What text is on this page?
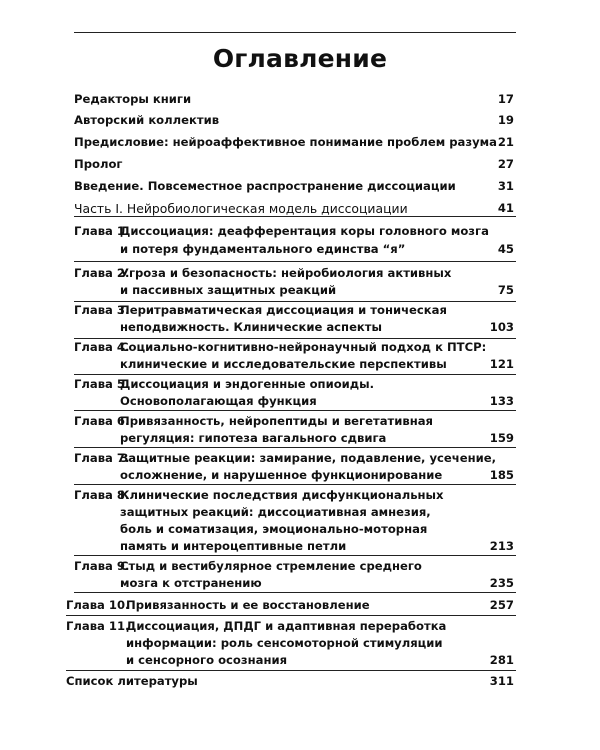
Оглавление
Редакторы книги	17
Авторский коллектив	19
Предисловие: нейроаффективное понимание проблем разума 21
Пролог	27
Введение. Повсеместное распространение диссоциации	31
Часть I. Нейробиологическая модель диссоциации	41
Глава 1.
Диссоциация: деафферентация коры головного мозга
и потеря фундаментального единства “я”	45
Глава 2.
Угроза и безопасность: нейробиология активных
и пассивных защитных реакций	75
Глава 3.
Перитравматическая диссоциация и тоническая
неподвижность. Клинические аспекты	103
Глава 4.
Социально-когнитивно-нейронаучный подход к ПТСР:
клинические и исследовательские перспективы	121
Глава 5.
Диссоциация и эндогенные опиоиды.
Основополагающая функция	133
Глава 6.
Привязанность, нейропептиды и вегетативная
регуляция: гипотеза вагального сдвига	159
Глава 7.
Защитные реакции: замирание, подавление, усечение,
осложнение, и нарушенное функционирование	185
Глава 8.
Клинические последствия дисфункциональных
защитных реакций: диссоциативная амнезия,
боль и соматизация, эмоционально-моторная
память и интероцептивные петли	213
Глава 9.
Стыд и вестибулярное стремление среднего
мозга к отстранению	235
Глава 10.
Привязанность и ее восстановление	257
Глава 11.
Диссоциация, ДПДГ и адаптивная переработка
информации: роль сенсомоторной стимуляции
и сенсорного осознания	281
Список литературы	311
